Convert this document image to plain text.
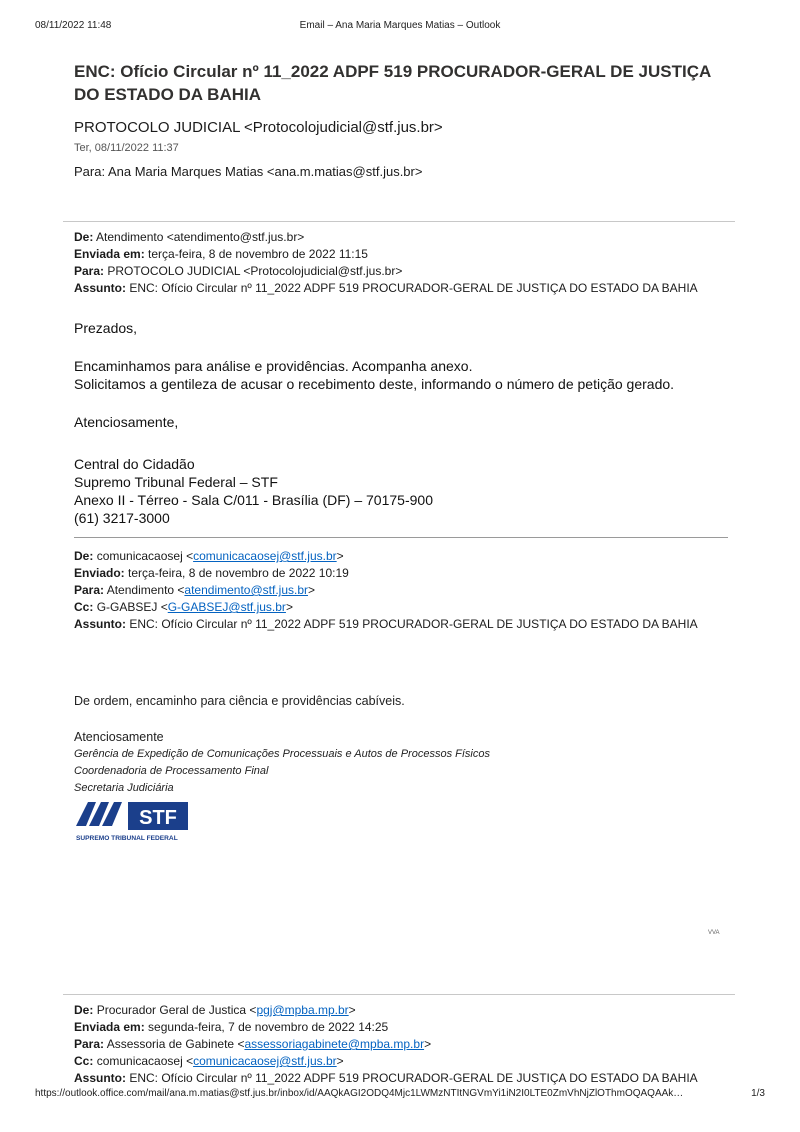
Email – Ana Maria Marques Matias – Outlook
08/11/2022 11:48
ENC: Ofício Circular nº 11_2022 ADPF 519 PROCURADOR-GERAL DE JUSTIÇA DO ESTADO DA BAHIA
PROTOCOLO JUDICIAL <Protocolojudicial@stf.jus.br>
Ter, 08/11/2022 11:37
Para: Ana Maria Marques Matias <ana.m.matias@stf.jus.br>
De: Atendimento <atendimento@stf.jus.br>
Enviada em: terça-feira, 8 de novembro de 2022 11:15
Para: PROTOCOLO JUDICIAL <Protocolojudicial@stf.jus.br>
Assunto: ENC: Ofício Circular nº 11_2022 ADPF 519 PROCURADOR-GERAL DE JUSTIÇA DO ESTADO DA BAHIA
Prezados,
Encaminhamos para análise e providências. Acompanha anexo.
Solicitamos a gentileza de acusar o recebimento deste, informando o número de petição gerado.
Atenciosamente,
Central do Cidadão
Supremo Tribunal Federal – STF
Anexo II - Térreo - Sala C/011 - Brasília (DF) – 70175-900
(61) 3217-3000
De: comunicacaosej <comunicacaosej@stf.jus.br>
Enviado: terça-feira, 8 de novembro de 2022 10:19
Para: Atendimento <atendimento@stf.jus.br>
Cc: G-GABSEJ <G-GABSEJ@stf.jus.br>
Assunto: ENC: Ofício Circular nº 11_2022 ADPF 519 PROCURADOR-GERAL DE JUSTIÇA DO ESTADO DA BAHIA
De ordem, encaminho para ciência e providências cabíveis.
Atenciosamente
Gerência de Expedição de Comunicações Processuais e Autos de Processos Físicos
Coordenadoria de Processamento Final
Secretaria Judiciária
STF
SUPREMO TRIBUNAL FEDERAL
VVA
De: Procurador Geral de Justica <pgj@mpba.mp.br>
Enviada em: segunda-feira, 7 de novembro de 2022 14:25
Para: Assessoria de Gabinete <assessoriagabinete@mpba.mp.br>
Cc: comunicacaosej <comunicacaosej@stf.jus.br>
Assunto: ENC: Ofício Circular nº 11_2022 ADPF 519 PROCURADOR-GERAL DE JUSTIÇA DO ESTADO DA BAHIA
https://outlook.office.com/mail/ana.m.matias@stf.jus.br/inbox/id/AAQkAGI2ODQ4Mjc1LWMzNTItNGVmYi1iN2I0LTE0ZmVhNjZlOThmOQAQAAk…	1/3
